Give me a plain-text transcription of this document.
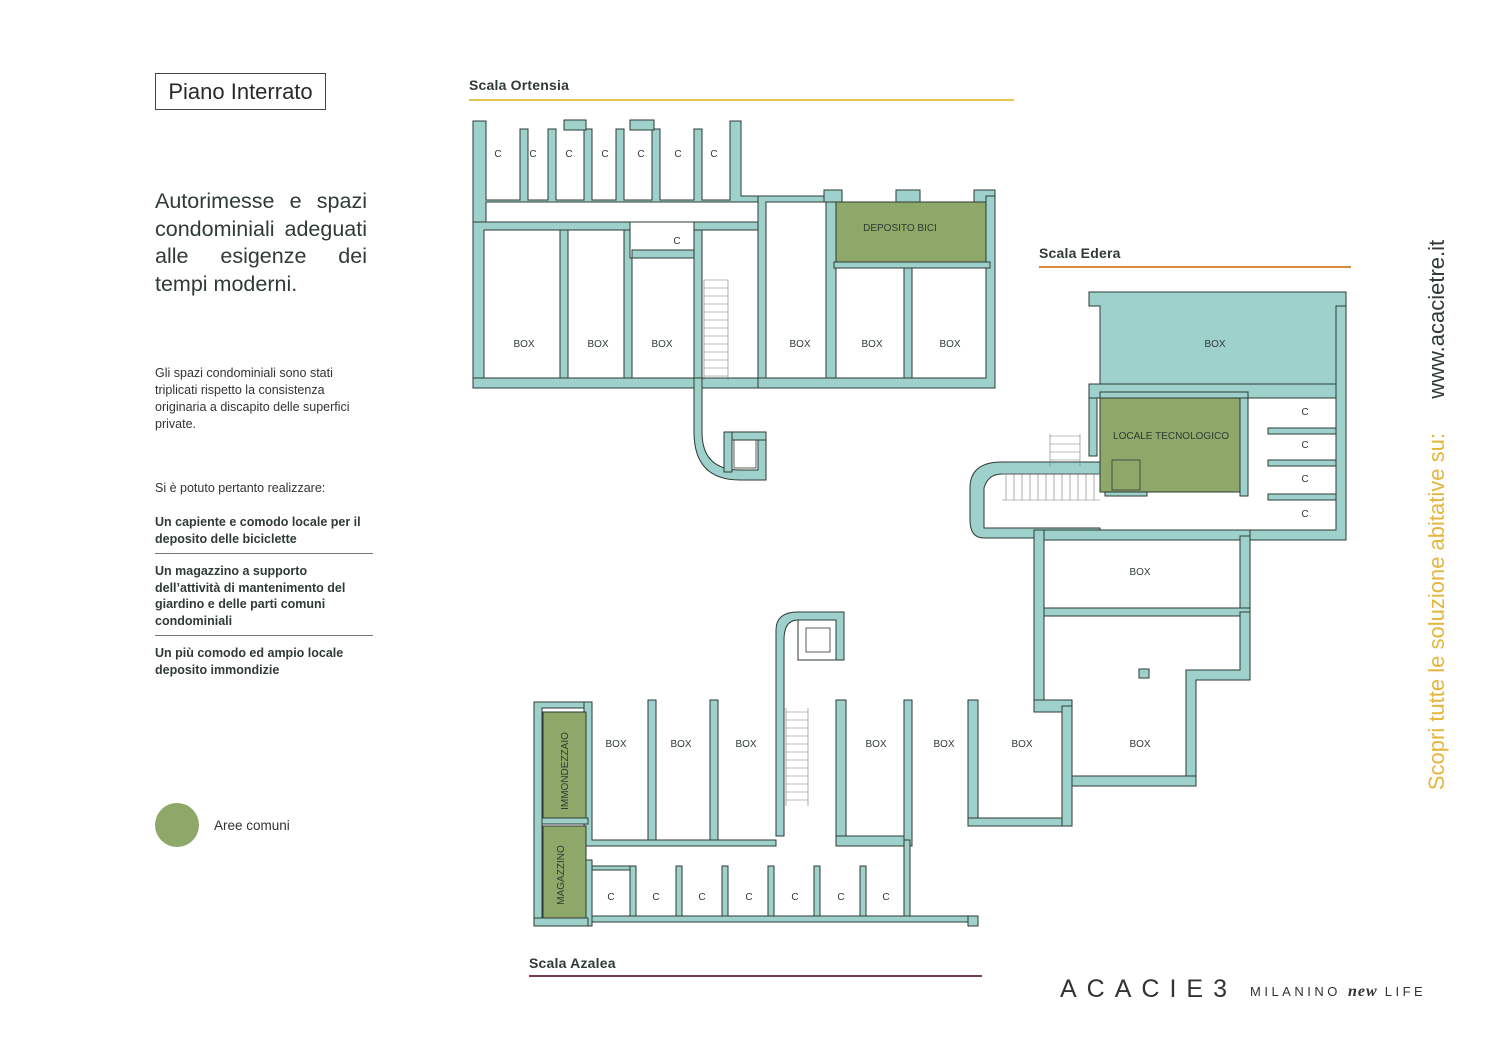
Piano Interrato
Autorimesse e spazi condominiali adeguati alle esigenze dei tempi moderni.
Gli spazi condominiali sono stati triplicati rispetto la consistenza originaria a discapito delle superfici private.
Si è potuto pertanto realizzare:
Un capiente e comodo locale per il deposito delle biciclette
Un magazzino a supporto dell’attività di mantenimento del giardino e delle parti comuni condominiali
Un più comodo ed ampio locale deposito immondizie
Aree comuni
Scala Ortensia
Scala Edera
Scala Azalea
C	C	C	C	C	C	C
C
BOX	BOX	BOX	BOX	BOX	BOX
DEPOSITO BICI
BOX
LOCALE TECNOLOGICO
C
C
C
C
BOX
BOX
BOX	BOX	BOX	BOX	BOX	BOX
C	C	C	C	C	C	C
IMMONDEZZAIO
MAGAZZINO
Scopri tutte le soluzione abitative su:  www.acacietre.it
ACACIE3 MILANINO new LIFE
